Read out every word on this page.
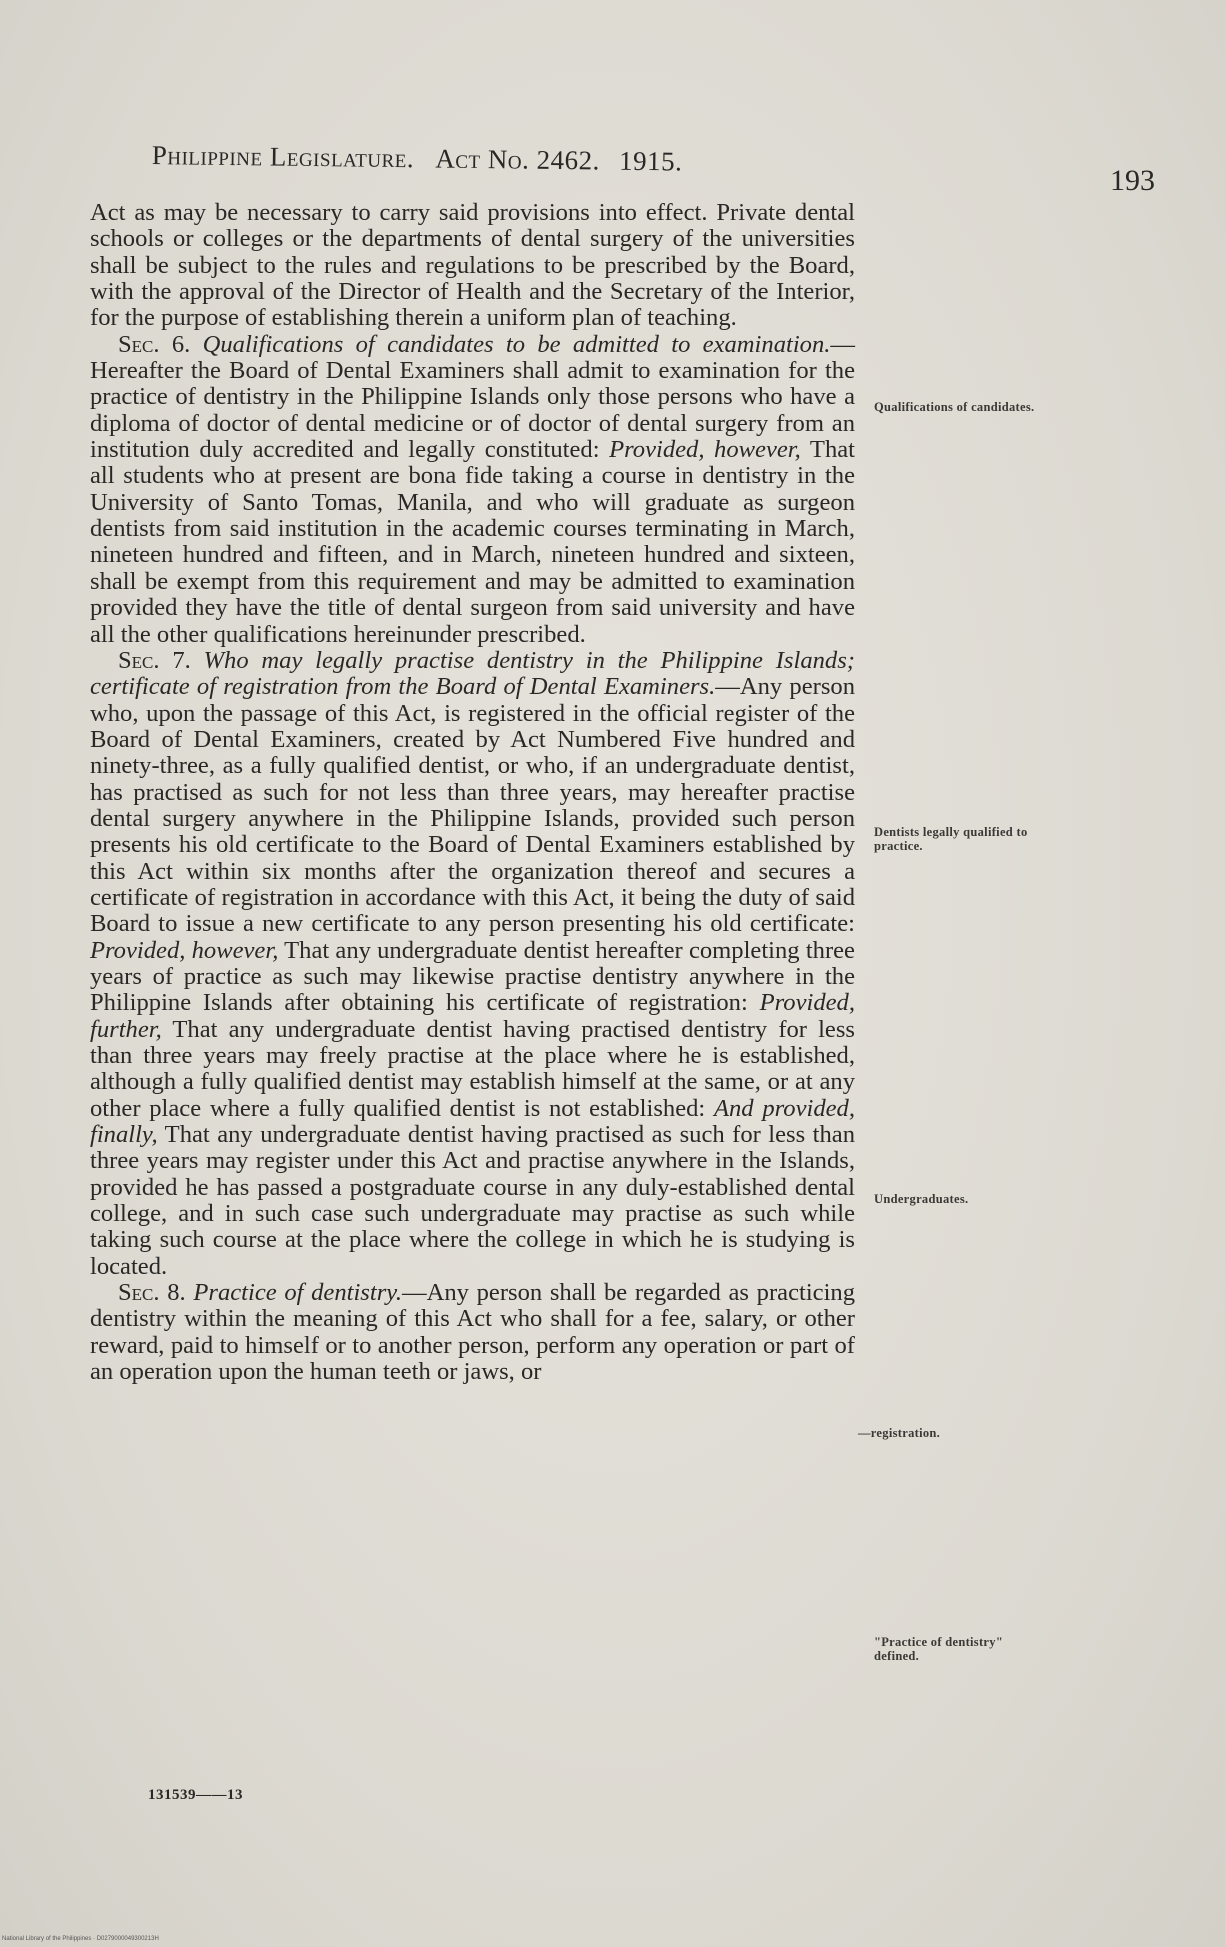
Philippine Legislature. Act No. 2462. 1915.
193

Act as may be necessary to carry said provisions into effect. Private dental schools or colleges or the departments of dental surgery of the universities shall be subject to the rules and regulations to be prescribed by the Board, with the approval of the Director of Health and the Secretary of the Interior, for the purpose of establishing therein a uniform plan of teaching.

Sec. 6. Qualifications of candidates to be admitted to examination.—Hereafter the Board of Dental Examiners shall admit to examination for the practice of dentistry in the Philippine Islands only those persons who have a diploma of doctor of dental medicine or of doctor of dental surgery from an institution duly accredited and legally constituted: Provided, however, That all students who at present are bona fide taking a course in dentistry in the University of Santo Tomas, Manila, and who will graduate as surgeon dentists from said institution in the academic courses terminating in March, nineteen hundred and fifteen, and in March, nineteen hundred and sixteen, shall be exempt from this requirement and may be admitted to examination provided they have the title of dental surgeon from said university and have all the other qualifications hereinunder prescribed.

Sec. 7. Who may legally practise dentistry in the Philippine Islands; certificate of registration from the Board of Dental Examiners.—Any person who, upon the passage of this Act, is registered in the official register of the Board of Dental Examiners, created by Act Numbered Five hundred and ninety-three, as a fully qualified dentist, or who, if an undergraduate dentist, has practised as such for not less than three years, may hereafter practise dental surgery anywhere in the Philippine Islands, provided such person presents his old certificate to the Board of Dental Examiners established by this Act within six months after the organization thereof and secures a certificate of registration in accordance with this Act, it being the duty of said Board to issue a new certificate to any person presenting his old certificate: Provided, however, That any undergraduate dentist hereafter completing three years of practice as such may likewise practise dentistry anywhere in the Philippine Islands after obtaining his certificate of registration: Provided, further, That any undergraduate dentist having practised dentistry for less than three years may freely practise at the place where he is established, although a fully qualified dentist may establish himself at the same, or at any other place where a fully qualified dentist is not established: And provided, finally, That any undergraduate dentist having practised as such for less than three years may register under this Act and practise anywhere in the Islands, provided he has passed a postgraduate course in any duly-established dental college, and in such case such undergraduate may practise as such while taking such course at the place where the college in which he is studying is located.

Sec. 8. Practice of dentistry.—Any person shall be regarded as practicing dentistry within the meaning of this Act who shall for a fee, salary, or other reward, paid to himself or to another person, perform any operation or part of an operation upon the human teeth or jaws, or

Qualifications of candidates.
Dentists legally qualified to practice.
Undergraduates.
—registration.
"Practice of dentistry" defined.
131539——13
National Library of the Philippines · D0279000049300213H
